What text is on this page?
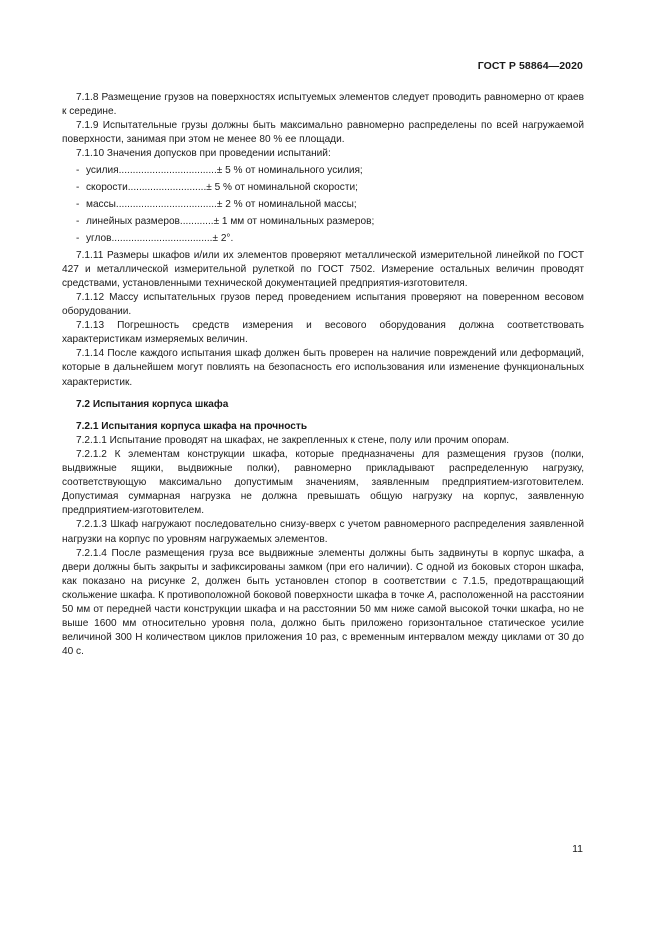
ГОСТ Р 58864—2020

7.1.8 Размещение грузов на поверхностях испытуемых элементов следует проводить равномерно от краев к середине.

7.1.9 Испытательные грузы должны быть максимально равномерно распределены по всей нагружаемой поверхности, занимая при этом не менее 80 % ее площади.

7.1.10 Значения допусков при проведении испытаний:

- усилия ................................... ± 5 % от номинального усилия;
- скорости ............................ ± 5 % от номинальной скорости;
- массы .................................... ± 2 % от номинальной массы;
- линейных размеров ............ ± 1 мм от номинальных размеров;
- углов .................................... ± 2°.

7.1.11 Размеры шкафов и/или их элементов проверяют металлической измерительной линейкой по ГОСТ 427 и металлической измерительной рулеткой по ГОСТ 7502. Измерение остальных величин проводят средствами, установленными технической документацией предприятия-изготовителя.

7.1.12 Массу испытательных грузов перед проведением испытания проверяют на поверенном весовом оборудовании.

7.1.13 Погрешность средств измерения и весового оборудования должна соответствовать характеристикам измеряемых величин.

7.1.14 После каждого испытания шкаф должен быть проверен на наличие повреждений или деформаций, которые в дальнейшем могут повлиять на безопасность его использования или изменение функциональных характеристик.

7.2 Испытания корпуса шкафа

7.2.1 Испытания корпуса шкафа на прочность

7.2.1.1 Испытание проводят на шкафах, не закрепленных к стене, полу или прочим опорам.

7.2.1.2 К элементам конструкции шкафа, которые предназначены для размещения грузов (полки, выдвижные ящики, выдвижные полки), равномерно прикладывают распределенную нагрузку, соответствующую максимально допустимым значениям, заявленным предприятием-изготовителем. Допустимая суммарная нагрузка не должна превышать общую нагрузку на корпус, заявленную предприятием-изготовителем.

7.2.1.3 Шкаф нагружают последовательно снизу-вверх с учетом равномерного распределения заявленной нагрузки на корпус по уровням нагружаемых элементов.

7.2.1.4 После размещения груза все выдвижные элементы должны быть задвинуты в корпус шкафа, а двери должны быть закрыты и зафиксированы замком (при его наличии). С одной из боковых сторон шкафа, как показано на рисунке 2, должен быть установлен стопор в соответствии с 7.1.5, предотвращающий скольжение шкафа. К противоположной боковой поверхности шкафа в точке А, расположенной на расстоянии 50 мм от передней части конструкции шкафа и на расстоянии 50 мм ниже самой высокой точки шкафа, но не выше 1600 мм относительно уровня пола, должно быть приложено горизонтальное статическое усилие величиной 300 Н количеством циклов приложения 10 раз, с временным интервалом между циклами от 30 до 40 с.

11
